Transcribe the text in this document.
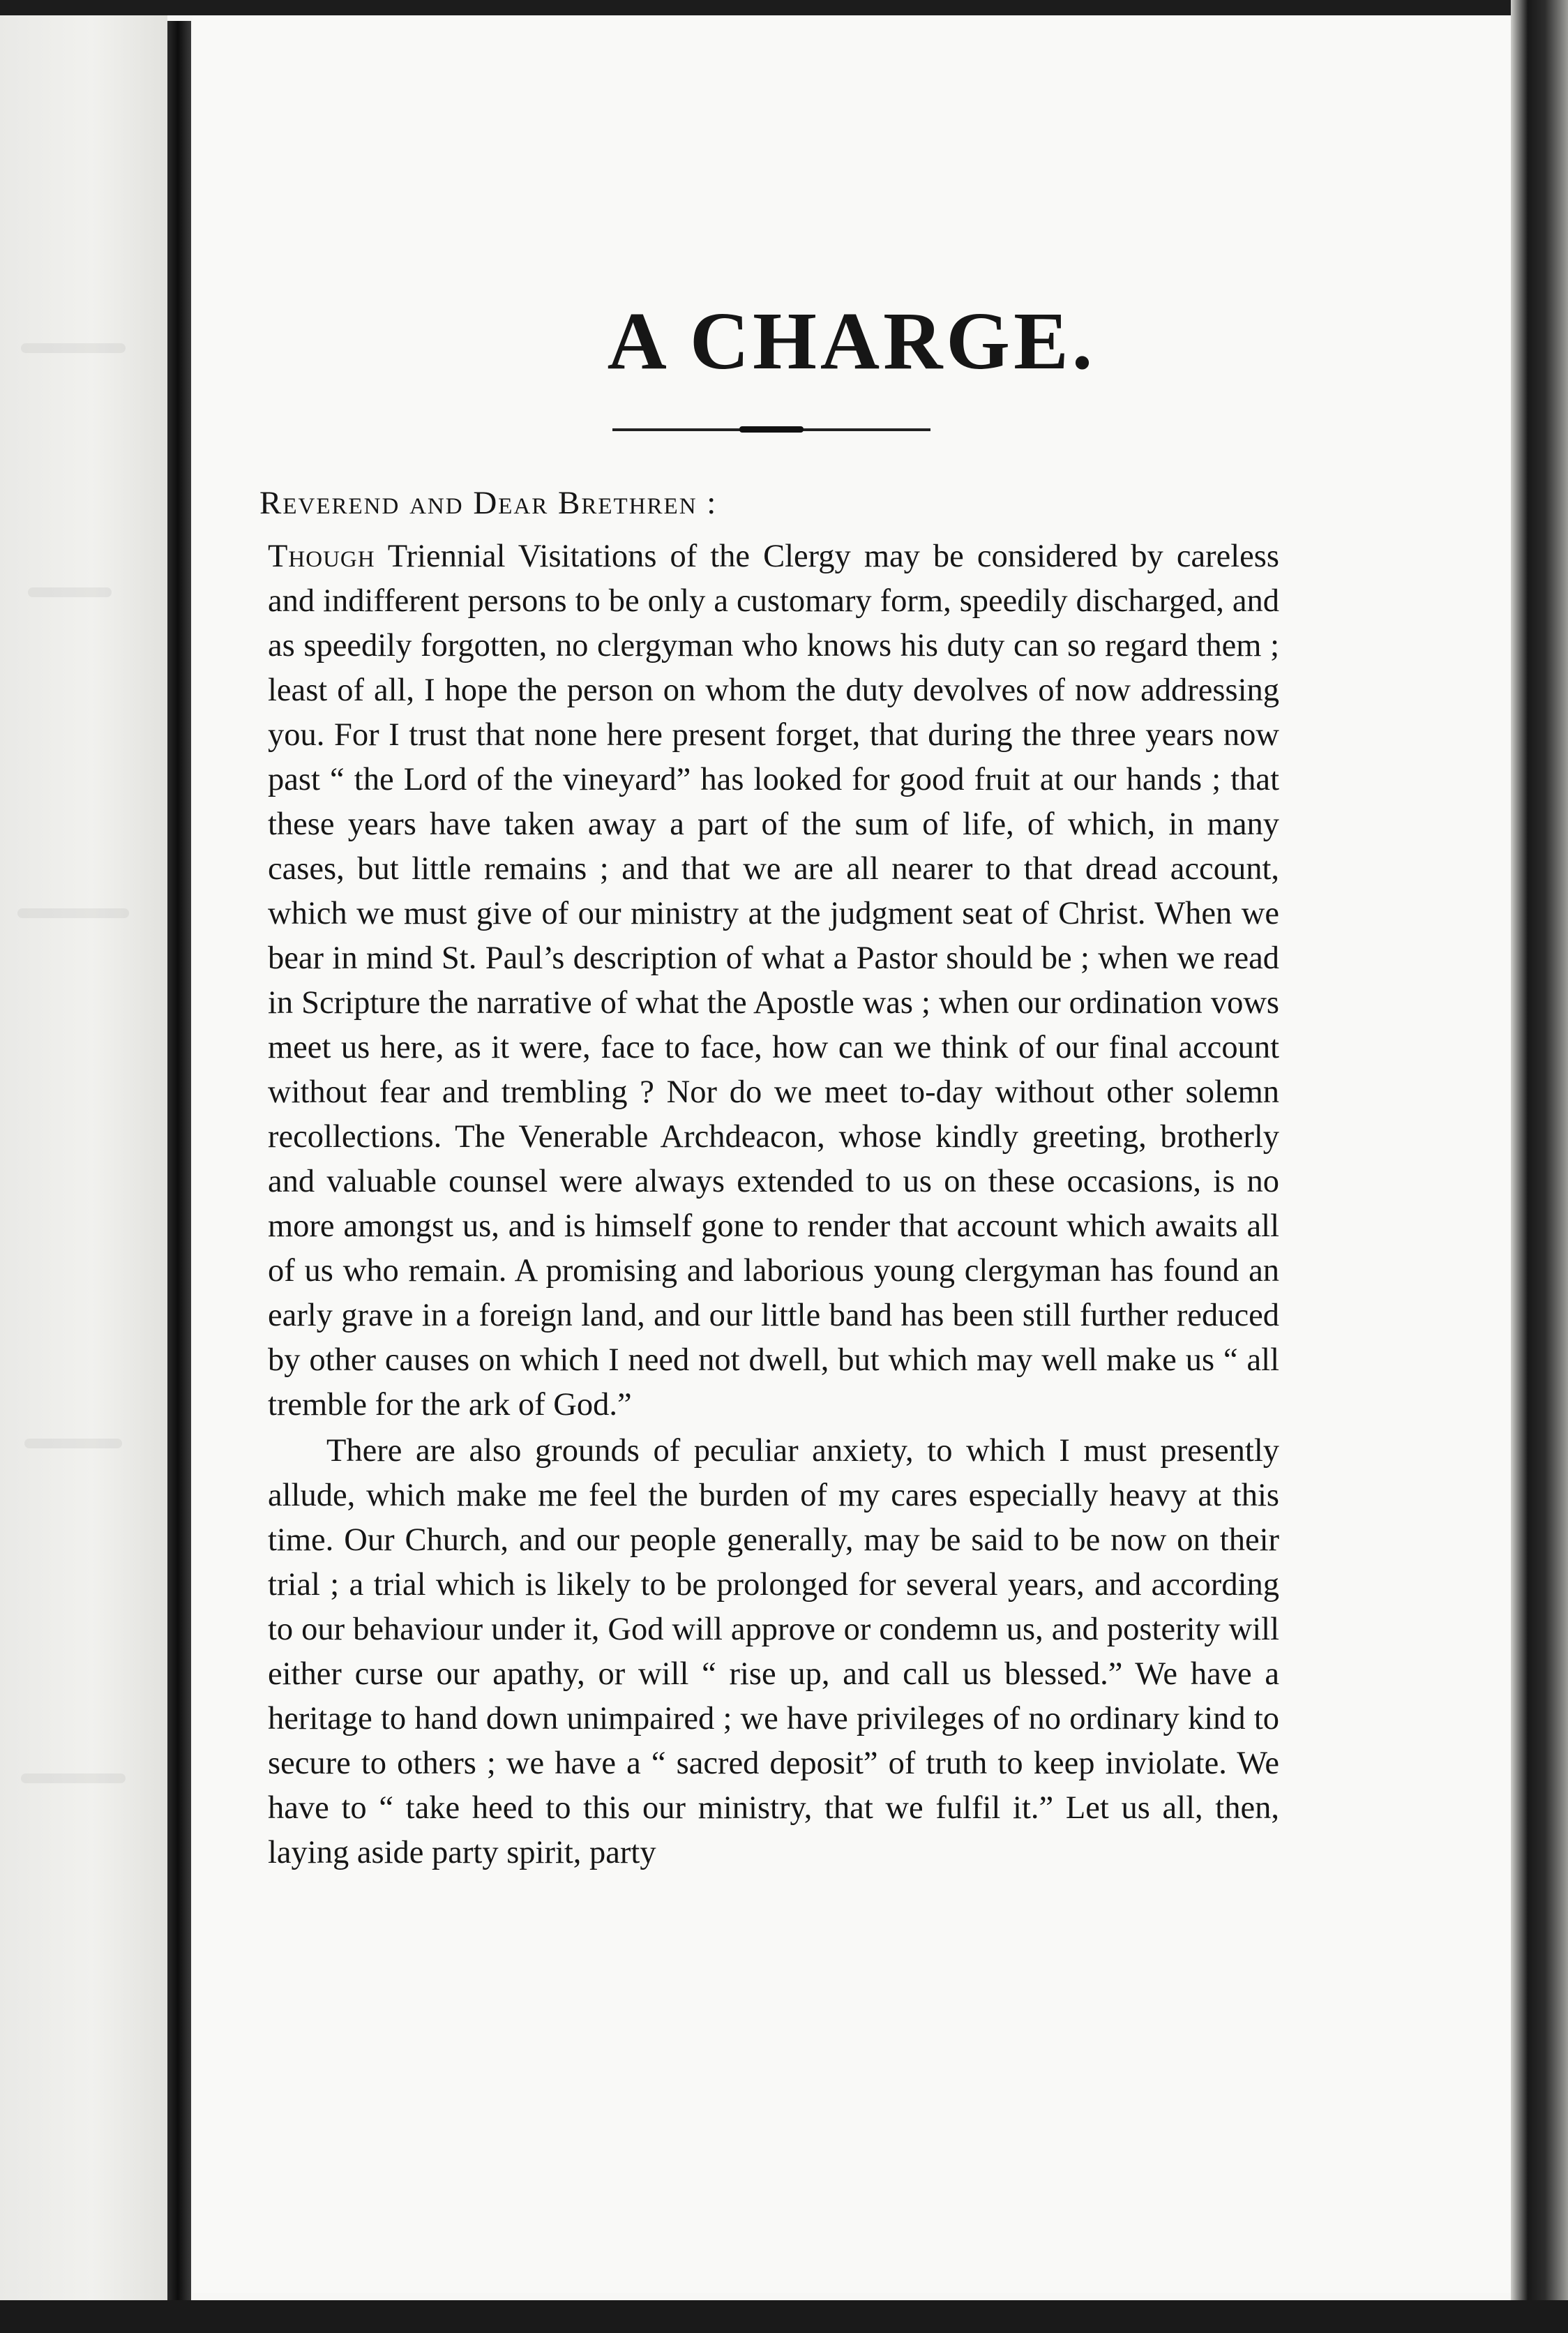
A CHARGE.
Reverend and Dear Brethren :

Though Triennial Visitations of the Clergy may be considered by careless and indifferent persons to be only a customary form, speedily discharged, and as speedily forgotten, no clergyman who knows his duty can so regard them ; least of all, I hope the person on whom the duty devolves of now addressing you. For I trust that none here present forget, that during the three years now past “ the Lord of the vineyard” has looked for good fruit at our hands ; that these years have taken away a part of the sum of life, of which, in many cases, but little remains ; and that we are all nearer to that dread account, which we must give of our ministry at the judgment seat of Christ. When we bear in mind St. Paul’s description of what a Pastor should be ; when we read in Scripture the narrative of what the Apostle was ; when our ordination vows meet us here, as it were, face to face, how can we think of our final account without fear and trembling ? Nor do we meet to-day without other solemn recollections. The Venerable Archdeacon, whose kindly greeting, brotherly and valuable counsel were always extended to us on these occasions, is no more amongst us, and is himself gone to render that account which awaits all of us who remain. A promising and laborious young clergyman has found an early grave in a foreign land, and our little band has been still further reduced by other causes on which I need not dwell, but which may well make us “ all tremble for the ark of God.”

There are also grounds of peculiar anxiety, to which I must presently allude, which make me feel the burden of my cares especially heavy at this time. Our Church, and our people generally, may be said to be now on their trial ; a trial which is likely to be prolonged for several years, and according to our behaviour under it, God will approve or condemn us, and posterity will either curse our apathy, or will “ rise up, and call us blessed.” We have a heritage to hand down unimpaired ; we have privileges of no ordinary kind to secure to others ; we have a “ sacred deposit” of truth to keep inviolate. We have to “ take heed to this our ministry, that we fulfil it.” Let us all, then, laying aside party spirit, party
